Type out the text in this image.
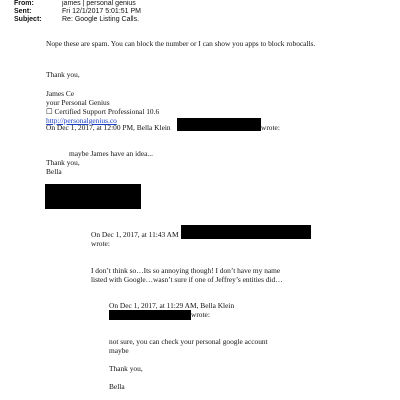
From:	james | personal genius
Sent:	Fri 12/1/2017 5:01:51 PM
Subject:	Re: Google Listing Calls.
Nope these are spam. You can block the number or I can show you apps to block robocalls.
Thank you,
James Ce
your Personal Genius
☐ Certified Support Professional 10.6
http://personalgenius.co
On Dec 1, 2017, at 12:00 PM, Bella Klein	wrote:
maybe James have an idea...
Thank you,
Bella
On Dec 1, 2017, at 11:43 AM
wrote:
I don’t think so…Its so annoying though! I don’t have my name
listed with Google…wasn’t sure if one of Jeffrey’s entities did…
On Dec 1, 2017, at 11:29 AM, Bella Klein
wrote:
not sure, you can check your personal google account
maybe
Thank you,
Bella
